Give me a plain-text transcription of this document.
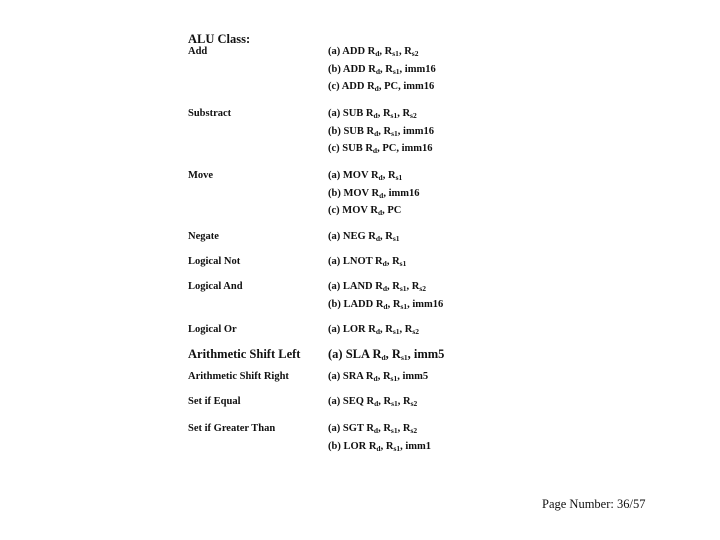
ALU Class:
Add	(a) ADD $R_d$, $R_{s1}$, $R_{s2}$
(b) ADD $R_d$, $R_{s1}$, imm16
(c) ADD $R_d$, PC, imm16
Substract	(a) SUB $R_d$, $R_{s1}$, $R_{s2}$
(b) SUB $R_d$, $R_{s1}$, imm16
(c) SUB $R_d$, PC, imm16
Move	(a) MOV $R_d$, $R_{s1}$
(b) MOV $R_d$, imm16
(c) MOV $R_d$, PC
Negate	(a) NEG $R_d$, $R_{s1}$
Logical Not	(a) LNOT $R_d$, $R_{s1}$
Logical And	(a) LAND $R_d$, $R_{s1}$, $R_{s2}$
(b) LADD $R_d$, $R_{s1}$, imm16
Logical Or	(a) LOR $R_d$, $R_{s1}$, $R_{s2}$
Arithmetic Shift Left (a) SLA $R_d$, $R_{s1}$, imm5
Arithmetic Shift Right	(a) SRA $R_d$, $R_{s1}$, imm5
Set if Equal	(a) SEQ $R_d$, $R_{s1}$, $R_{s2}$
Set if Greater Than	(a) SGT $R_d$, $R_{s1}$, $R_{s2}$
(b) LOR $R_d$, $R_{s1}$, imm1
Page Number: 36/57
